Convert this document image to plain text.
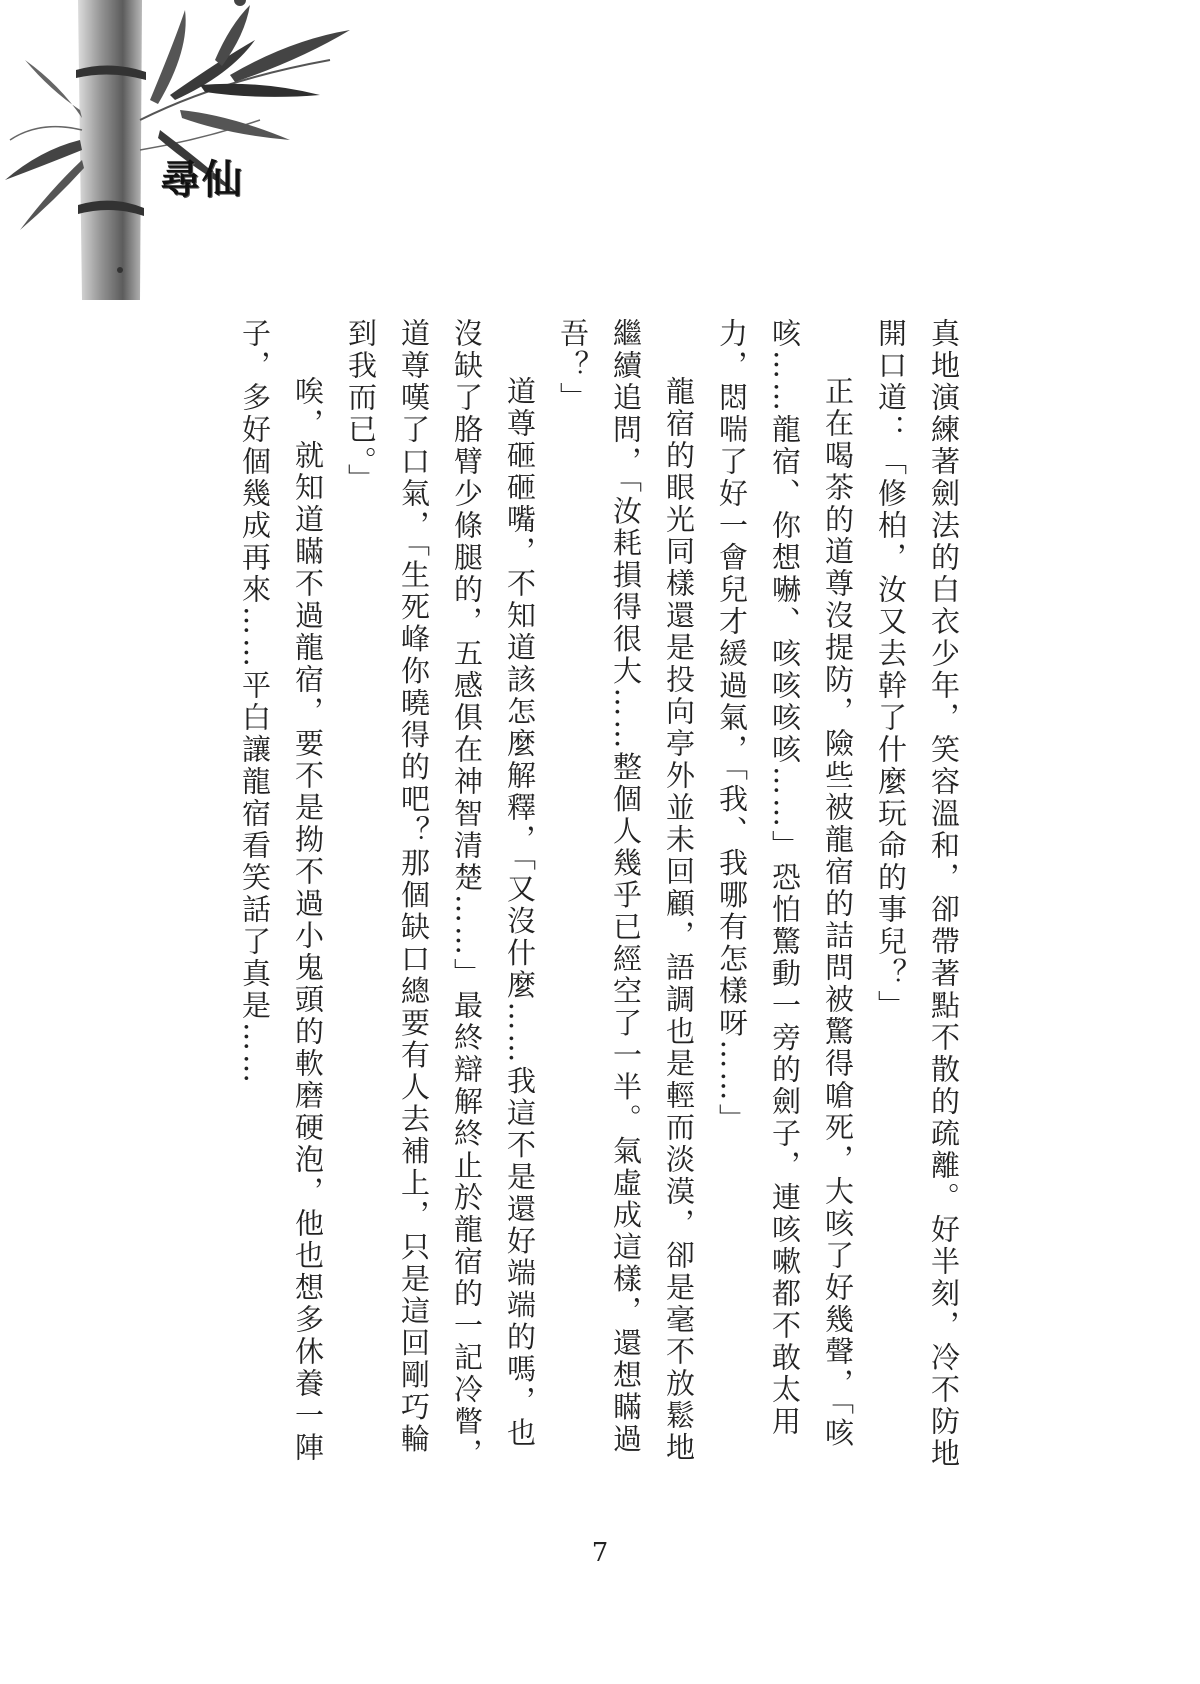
尋仙

真地演練著劍法的白衣少年，笑容溫和，卻帶著點不散的疏離。好半刻，冷不防地開口道：「修柏，汝又去幹了什麼玩命的事兒？」

正在喝茶的道尊沒提防，險些被龍宿的詰問被驚得嗆死，大咳了好幾聲，「咳咳……龍宿、你想嚇、咳咳咳咳……」恐怕驚動一旁的劍子，連咳嗽都不敢太用力，悶喘了好一會兒才緩過氣，「我、我哪有怎樣呀……」

龍宿的眼光同樣還是投向亭外並未回顧，語調也是輕而淡漠，卻是毫不放鬆地繼續追問，「汝耗損得很大……整個人幾乎已經空了一半。氣虛成這樣，還想瞞過吾？」

道尊砸砸嘴，不知道該怎麼解釋，「又沒什麼……我這不是還好端端的嗎，也沒缺了胳臂少條腿的，五感俱在神智清楚……」最終辯解終止於龍宿的一記冷瞥，道尊嘆了口氣，「生死峰你曉得的吧？那個缺口總要有人去補上，只是這回剛巧輪到我而已。」

唉，就知道瞞不過龍宿，要不是拗不過小鬼頭的軟磨硬泡，他也想多休養一陣子，多好個幾成再來……平白讓龍宿看笑話了真是……

7
